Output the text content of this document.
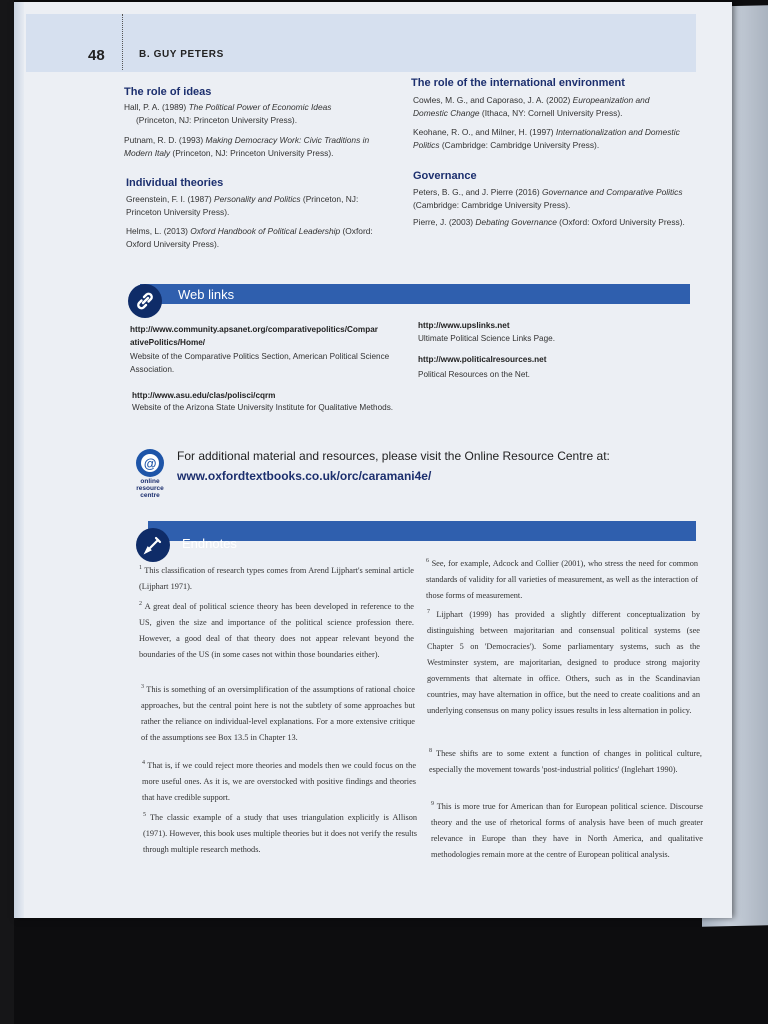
48	B. GUY PETERS
The role of ideas
Hall, P. A. (1989) The Political Power of Economic Ideas
(Princeton, NJ: Princeton University Press).
Putnam, R. D. (1993) Making Democracy Work: Civic Traditions in Modern Italy (Princeton, NJ: Princeton University Press).
Individual theories
Greenstein, F. I. (1987) Personality and Politics (Princeton, NJ: Princeton University Press).
Helms, L. (2013) Oxford Handbook of Political Leadership (Oxford: Oxford University Press).
The role of the international environment
Cowles, M. G., and Caporaso, J. A. (2002) Europeanization and Domestic Change (Ithaca, NY: Cornell University Press).
Keohane, R. O., and Milner, H. (1997) Internationalization and Domestic Politics (Cambridge: Cambridge University Press).
Governance
Peters, B. G., and J. Pierre (2016) Governance and Comparative Politics (Cambridge: Cambridge University Press).
Pierre, J. (2003) Debating Governance (Oxford: Oxford University Press).
Web links
http://www.community.apsanet.org/comparativepolitics/ComparativePolitics/Home/
Website of the Comparative Politics Section, American Political Science Association.
http://www.asu.edu/clas/polisci/cqrm
Website of the Arizona State University Institute for Qualitative Methods.
http://www.upslinks.net
Ultimate Political Science Links Page.
http://www.politicalresources.net
Political Resources on the Net.
@
online resource centre
For additional material and resources, please visit the Online Resource Centre at:
www.oxfordtextbooks.co.uk/orc/caramani4e/
Endnotes
$^1$ This classification of research types comes from Arend Lijphart's seminal article (Lijphart 1971).
$^2$ A great deal of political science theory has been developed in reference to the US, given the size and importance of the political science profession there. However, a good deal of that theory does not appear relevant beyond the boundaries of the US (in some cases not within those boundaries either).
$^3$ This is something of an oversimplification of the assumptions of rational choice approaches, but the central point here is not the subtlety of some approaches but rather the reliance on individual-level explanations. For a more extensive critique of the assumptions see Box 13.5 in Chapter 13.
$^4$ That is, if we could reject more theories and models then we could focus on the more useful ones. As it is, we are overstocked with positive findings and theories that have credible support.
$^5$ The classic example of a study that uses triangulation explicitly is Allison (1971). However, this book uses multiple theories but it does not verify the results through multiple research methods.
$^6$ See, for example, Adcock and Collier (2001), who stress the need for common standards of validity for all varieties of measurement, as well as the interaction of those forms of measurement.
$^7$ Lijphart (1999) has provided a slightly different conceptualization by distinguishing between majoritarian and consensual political systems (see Chapter 5 on 'Democracies'). Some parliamentary systems, such as the Westminster system, are majoritarian, designed to produce strong majority governments that alternate in office. Others, such as in the Scandinavian countries, may have alternation in office, but the need to create coalitions and an underlying consensus on many policy issues results in less alternation in policy.
$^8$ These shifts are to some extent a function of changes in political culture, especially the movement towards 'post-industrial politics' (Inglehart 1990).
$^9$ This is more true for American than for European political science. Discourse theory and the use of rhetorical forms of analysis have been of much greater relevance in Europe than they have in North America, and qualitative methodologies remain more at the centre of European political analysis.
